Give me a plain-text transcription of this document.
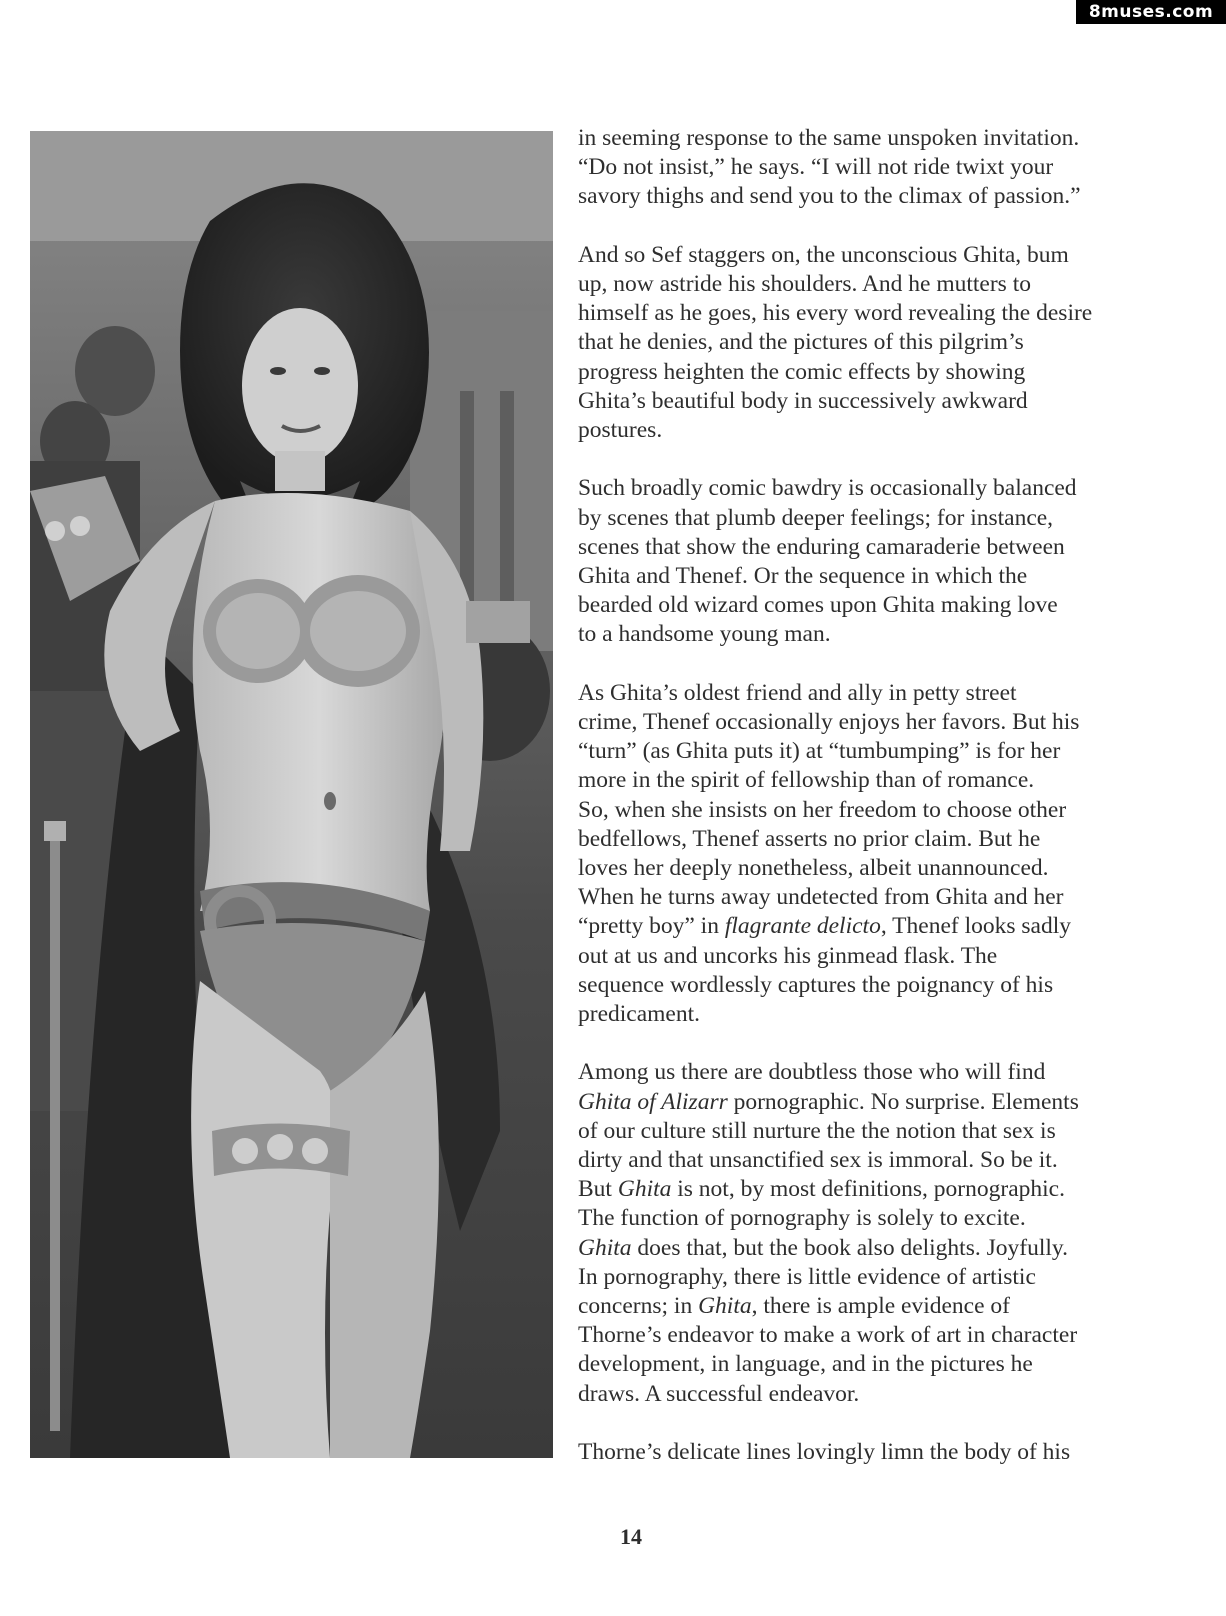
8muses.com

in seeming response to the same unspoken invitation.
“Do not insist,” he says. “I will not ride twixt your
savory thighs and send you to the climax of passion.”

And so Sef staggers on, the unconscious Ghita, bum
up, now astride his shoulders. And he mutters to
himself as he goes, his every word revealing the desire
that he denies, and the pictures of this pilgrim’s
progress heighten the comic effects by showing
Ghita’s beautiful body in successively awkward
postures.

Such broadly comic bawdry is occasionally balanced
by scenes that plumb deeper feelings; for instance,
scenes that show the enduring camaraderie between
Ghita and Thenef. Or the sequence in which the
bearded old wizard comes upon Ghita making love
to a handsome young man.

As Ghita’s oldest friend and ally in petty street
crime, Thenef occasionally enjoys her favors. But his
“turn” (as Ghita puts it) at “tumbumping” is for her
more in the spirit of fellowship than of romance.
So, when she insists on her freedom to choose other
bedfellows, Thenef asserts no prior claim. But he
loves her deeply nonetheless, albeit unannounced.
When he turns away undetected from Ghita and her
“pretty boy” in flagrante delicto, Thenef looks sadly
out at us and uncorks his ginmead flask. The
sequence wordlessly captures the poignancy of his
predicament.

Among us there are doubtless those who will find
Ghita of Alizarr pornographic. No surprise. Elements
of our culture still nurture the the notion that sex is
dirty and that unsanctified sex is immoral. So be it.
But Ghita is not, by most definitions, pornographic.
The function of pornography is solely to excite.
Ghita does that, but the book also delights. Joyfully.
In pornography, there is little evidence of artistic
concerns; in Ghita, there is ample evidence of
Thorne’s endeavor to make a work of art in character
development, in language, and in the pictures he
draws. A successful endeavor.

Thorne’s delicate lines lovingly limn the body of his

14
